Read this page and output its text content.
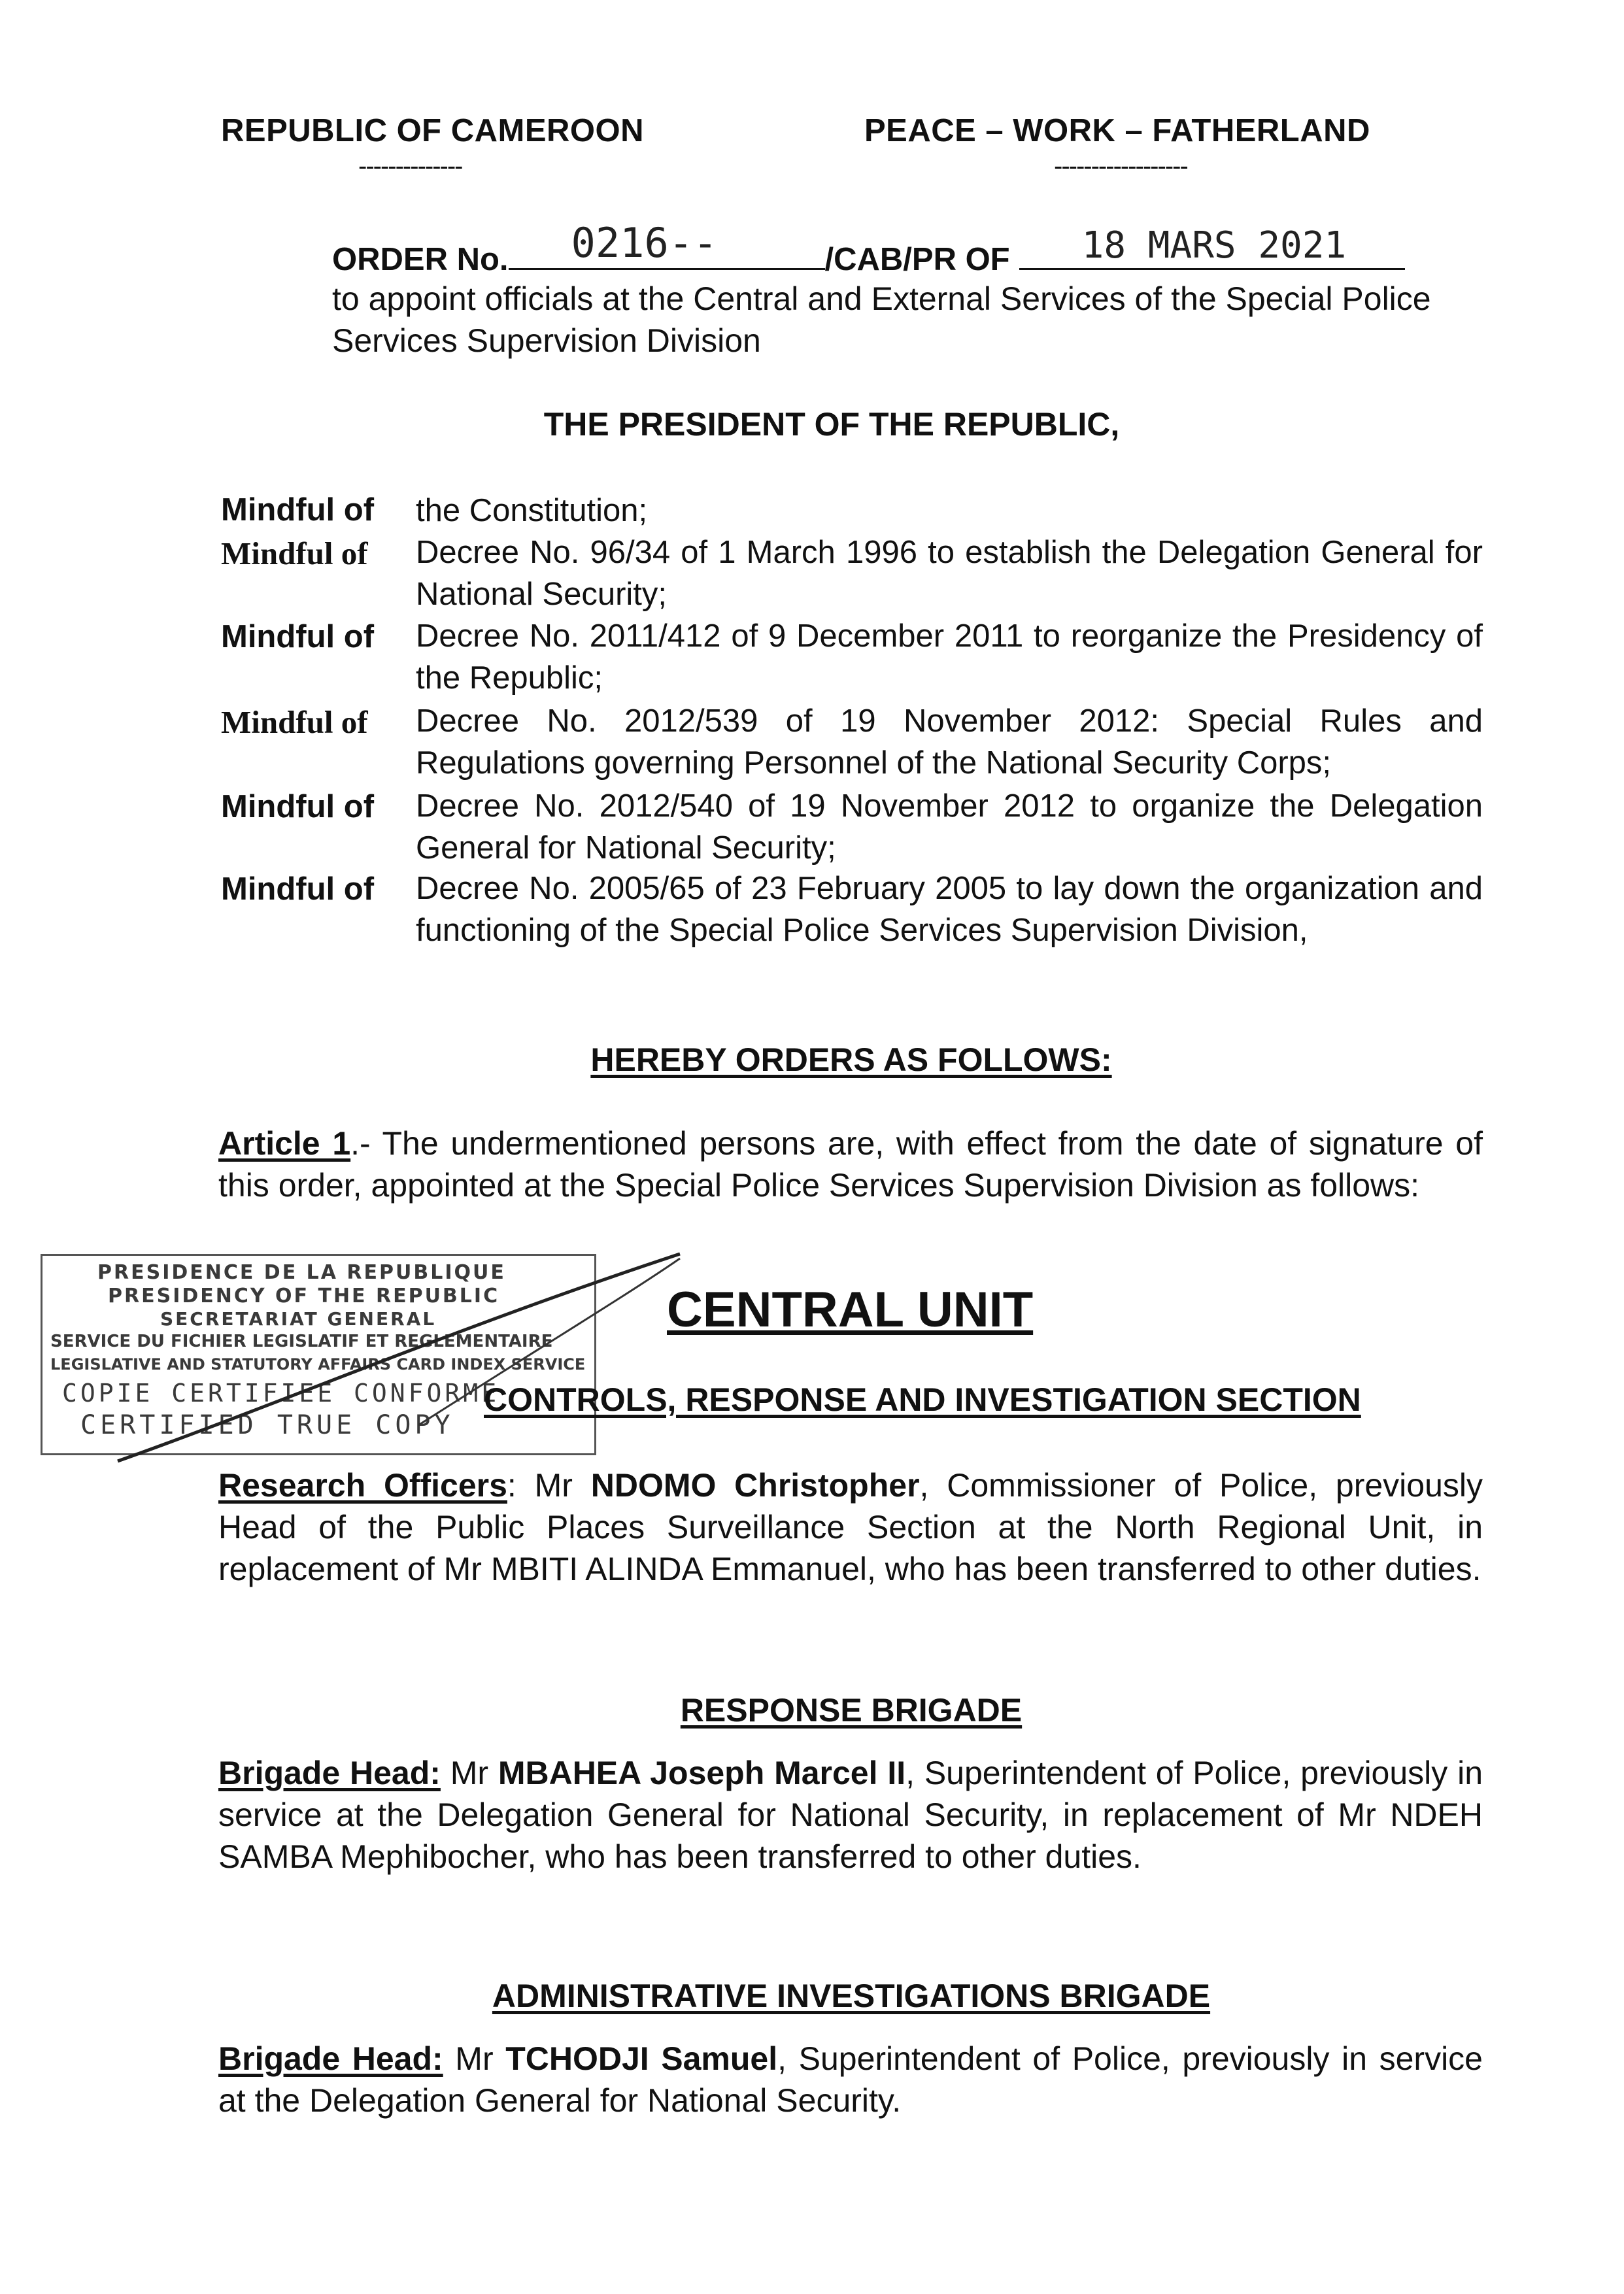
REPUBLIC OF CAMEROON	PEACE – WORK – FATHERLAND
--------------	------------------
ORDER No. 0216--	/CAB/PR OF 18 MARS 2021
to appoint officials at the Central and External Services of the Special Police Services Supervision Division
THE PRESIDENT OF THE REPUBLIC,
Mindful of the Constitution;
Mindful of Decree No. 96/34 of 1 March 1996 to establish the Delegation General for National Security;
Mindful of Decree No. 2011/412 of 9 December 2011 to reorganize the Presidency of the Republic;
Mindful of Decree No. 2012/539 of 19 November 2012: Special Rules and Regulations governing Personnel of the National Security Corps;
Mindful of Decree No. 2012/540 of 19 November 2012 to organize the Delegation General for National Security;
Mindful of Decree No. 2005/65 of 23 February 2005 to lay down the organization and functioning of the Special Police Services Supervision Division,
HEREBY ORDERS AS FOLLOWS:
Article 1.- The undermentioned persons are, with effect from the date of signature of this order, appointed at the Special Police Services Supervision Division as follows:
PRESIDENCE DE LA REPUBLIQUE
PRESIDENCY OF THE REPUBLIC
SECRETARIAT GENERAL
SERVICE DU FICHIER LEGISLATIF ET REGLEMENTAIRE
LEGISLATIVE AND STATUTORY AFFAIRS CARD INDEX SERVICE
COPIE CERTIFIEE CONFORME
CERTIFIED TRUE COPY
CENTRAL UNIT
CONTROLS, RESPONSE AND INVESTIGATION SECTION
Research Officers: Mr NDOMO Christopher, Commissioner of Police, previously Head of the Public Places Surveillance Section at the North Regional Unit, in replacement of Mr MBITI ALINDA Emmanuel, who has been transferred to other duties.
RESPONSE BRIGADE
Brigade Head: Mr MBAHEA Joseph Marcel II, Superintendent of Police, previously in service at the Delegation General for National Security, in replacement of Mr NDEH SAMBA Mephibocher, who has been transferred to other duties.
ADMINISTRATIVE INVESTIGATIONS BRIGADE
Brigade Head: Mr TCHODJI Samuel, Superintendent of Police, previously in service at the Delegation General for National Security.
